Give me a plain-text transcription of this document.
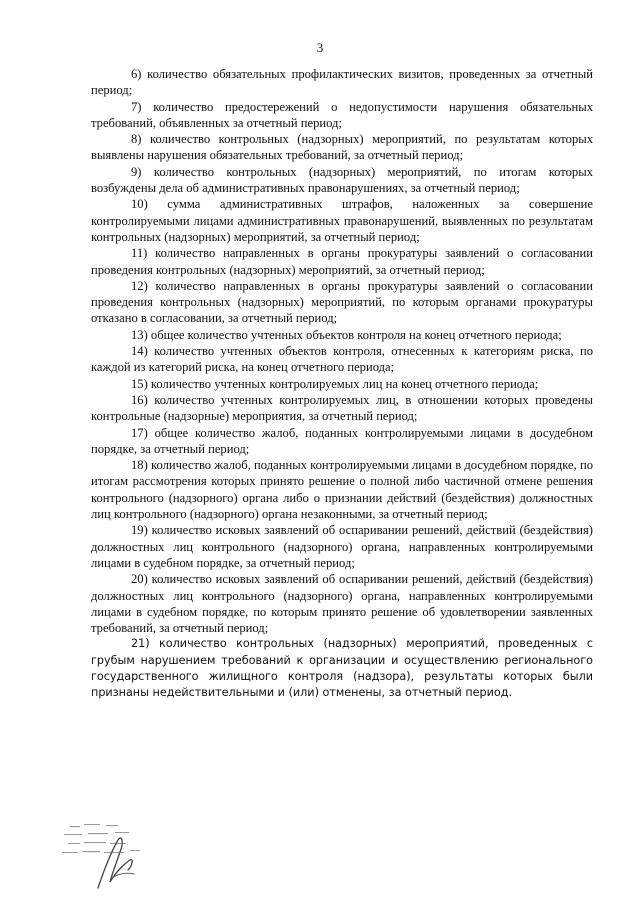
3

6) количество обязательных профилактических визитов, проведенных за отчетный период;

7) количество предостережений о недопустимости нарушения обязательных требований, объявленных за отчетный период;

8) количество контрольных (надзорных) мероприятий, по результатам которых выявлены нарушения обязательных требований, за отчетный период;

9) количество контрольных (надзорных) мероприятий, по итогам которых возбуждены дела об административных правонарушениях, за отчетный период;

10) сумма административных штрафов, наложенных за совершение контролируемыми лицами административных правонарушений, выявленных по результатам контрольных (надзорных) мероприятий, за отчетный период;

11) количество направленных в органы прокуратуры заявлений о согласовании проведения контрольных (надзорных) мероприятий, за отчетный период;

12) количество направленных в органы прокуратуры заявлений о согласовании проведения контрольных (надзорных) мероприятий, по которым органами прокуратуры отказано в согласовании, за отчетный период;

13) общее количество учтенных объектов контроля на конец отчетного периода;

14) количество учтенных объектов контроля, отнесенных к категориям риска, по каждой из категорий риска, на конец отчетного периода;

15) количество учтенных контролируемых лиц на конец отчетного периода;

16) количество учтенных контролируемых лиц, в отношении которых проведены контрольные (надзорные) мероприятия, за отчетный период;

17) общее количество жалоб, поданных контролируемыми лицами в досудебном порядке, за отчетный период;

18) количество жалоб, поданных контролируемыми лицами в досудебном порядке, по итогам рассмотрения которых принято решение о полной либо частичной отмене решения контрольного (надзорного) органа либо о признании действий (бездействия) должностных лиц контрольного (надзорного) органа незаконными, за отчетный период;

19) количество исковых заявлений об оспаривании решений, действий (бездействия) должностных лиц контрольного (надзорного) органа, направленных контролируемыми лицами в судебном порядке, за отчетный период;

20) количество исковых заявлений об оспаривании решений, действий (бездействия) должностных лиц контрольного (надзорного) органа, направленных контролируемыми лицами в судебном порядке, по которым принято решение об удовлетворении заявленных требований, за отчетный период;

21) количество контрольных (надзорных) мероприятий, проведенных с грубым нарушением требований к организации и осуществлению регионального государственного жилищного контроля (надзора), результаты которых были признаны недействительными и (или) отменены, за отчетный период.
